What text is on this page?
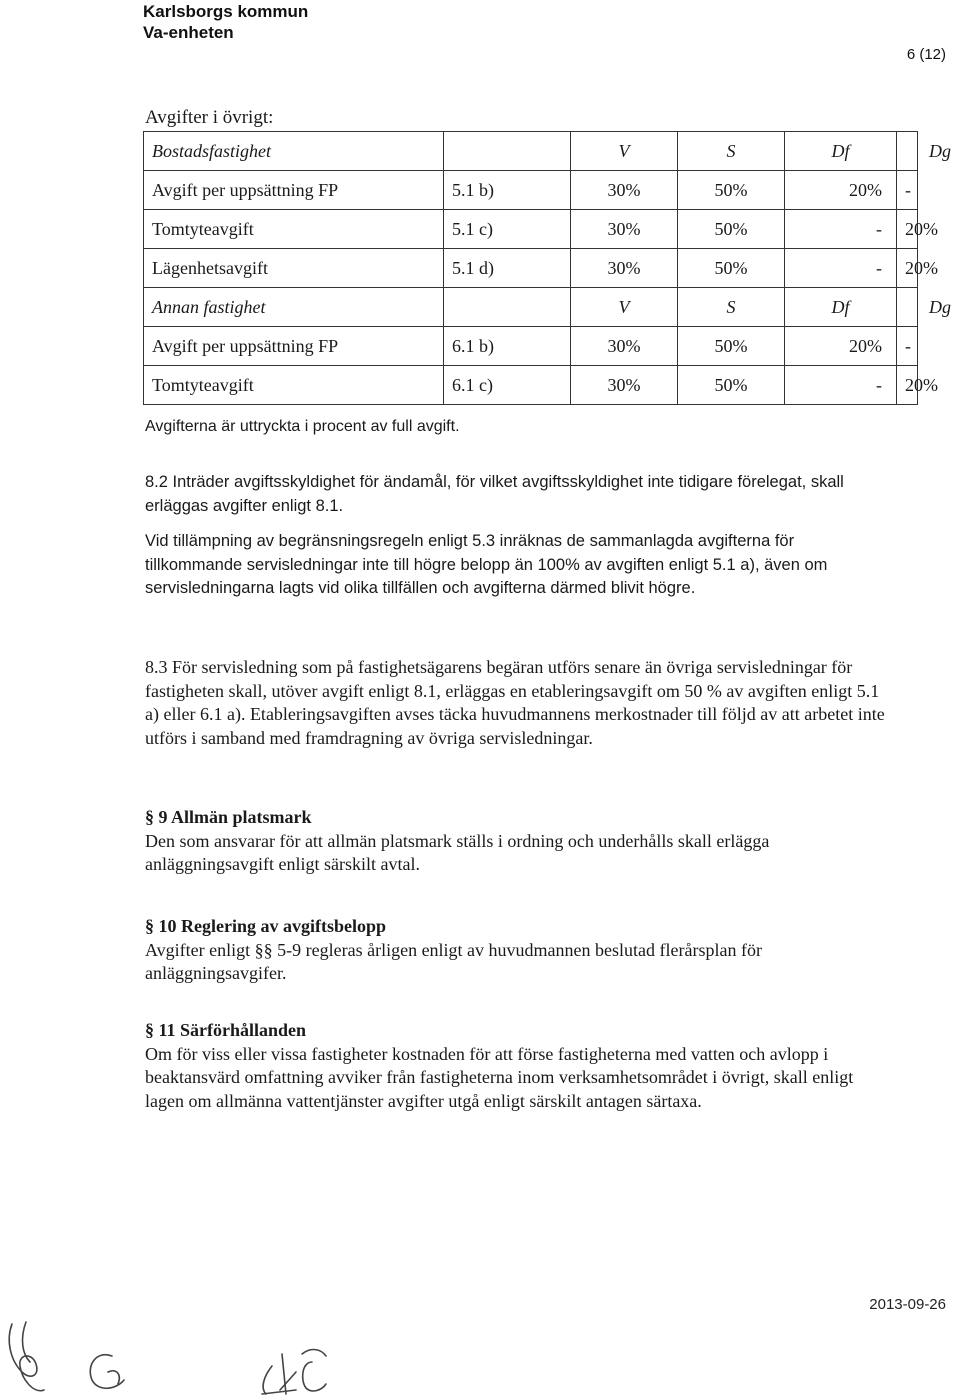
Karlsborgs kommun
Va-enheten
6 (12)
Avgifter i övrigt:
Bostadsfastighet		V	S	Df	Dg
Avgift per uppsättning FP	5.1 b)	30%	50%	20%	-
Tomtyteavgift	5.1 c)	30%	50%	-	20%
Lägenhetsavgift	5.1 d)	30%	50%	-	20%
Annan fastighet		V	S	Df	Dg
Avgift per uppsättning FP	6.1 b)	30%	50%	20%	-
Tomtyteavgift	6.1 c)	30%	50%	-	20%
Avgifterna är uttryckta i procent av full avgift.
8.2 Inträder avgiftsskyldighet för ändamål, för vilket avgiftsskyldighet inte tidigare förelegat, skall erläggas avgifter enligt 8.1.
Vid tillämpning av begränsningsregeln enligt 5.3 inräknas de sammanlagda avgifterna för tillkommande servisledningar inte till högre belopp än 100% av avgiften enligt 5.1 a), även om servisledningarna lagts vid olika tillfällen och avgifterna därmed blivit högre.
8.3 För servisledning som på fastighetsägarens begäran utförs senare än övriga servisledningar för fastigheten skall, utöver avgift enligt 8.1, erläggas en etableringsavgift om 50 % av avgiften enligt 5.1 a) eller 6.1 a). Etableringsavgiften avses täcka huvudmannens merkostnader till följd av att arbetet inte utförs i samband med framdragning av övriga servisledningar.
§ 9 Allmän platsmark
Den som ansvarar för att allmän platsmark ställs i ordning och underhålls skall erlägga anläggningsavgift enligt särskilt avtal.
§ 10 Reglering av avgiftsbelopp
Avgifter enligt §§ 5-9 regleras årligen enligt av huvudmannen beslutad flerårsplan för anläggningsavgifer.
§ 11 Särförhållanden
Om för viss eller vissa fastigheter kostnaden för att förse fastigheterna med vatten och avlopp i beaktansvärd omfattning avviker från fastigheterna inom verksamhetsområdet i övrigt, skall enligt lagen om allmänna vattentjänster avgifter utgå enligt särskilt antagen särtaxa.
2013-09-26
